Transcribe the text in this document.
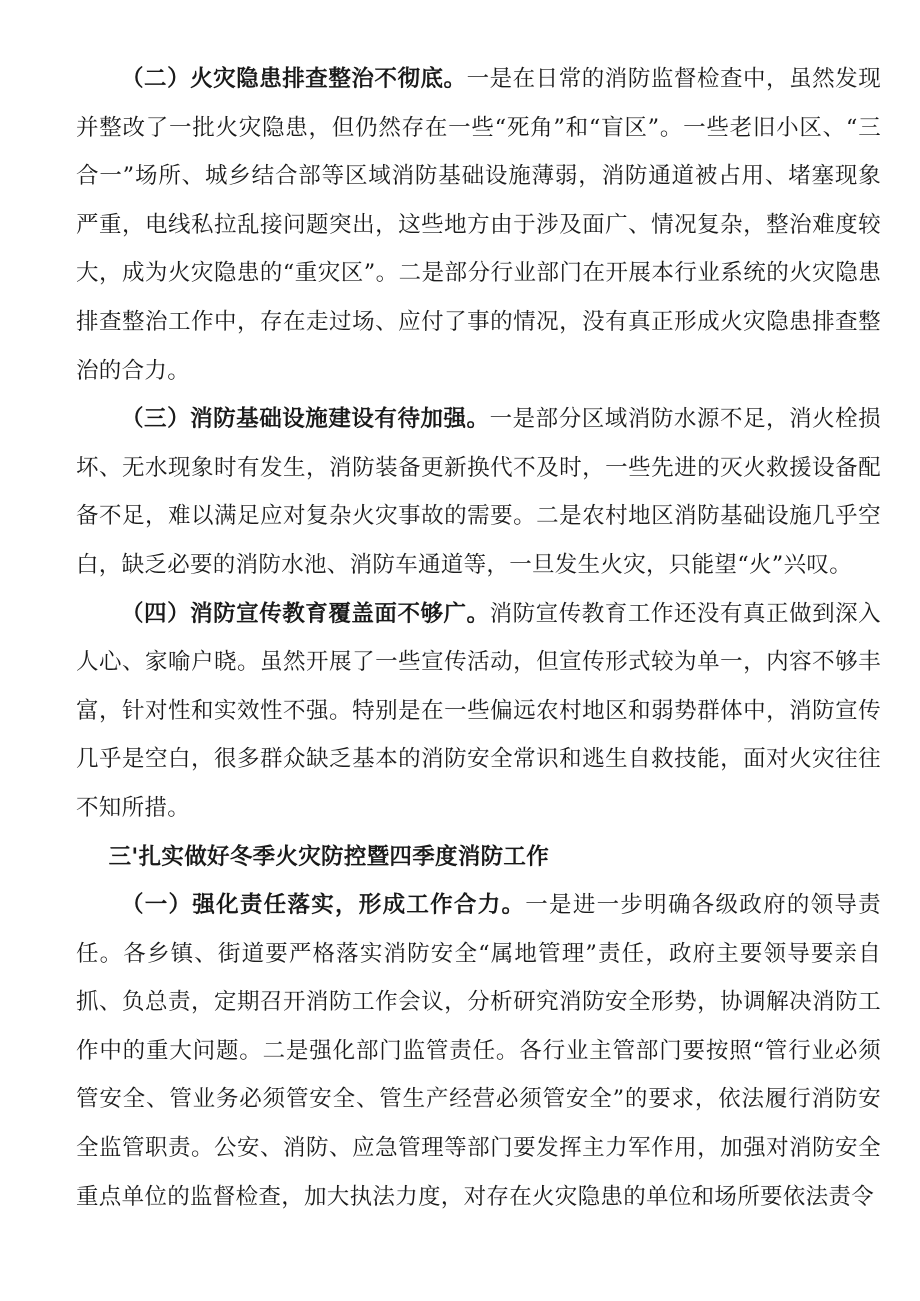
（二）火灾隐患排查整治不彻底。一是在日常的消防监督检查中，虽然发现并整改了一批火灾隐患，但仍然存在一些“死角”和“盲区”。一些老旧小区、“三合一”场所、城乡结合部等区域消防基础设施薄弱，消防通道被占用、堵塞现象严重，电线私拉乱接问题突出，这些地方由于涉及面广、情况复杂，整治难度较大，成为火灾隐患的“重灾区”。二是部分行业部门在开展本行业系统的火灾隐患排查整治工作中，存在走过场、应付了事的情况，没有真正形成火灾隐患排查整治的合力。

（三）消防基础设施建设有待加强。一是部分区域消防水源不足，消火栓损坏、无水现象时有发生，消防装备更新换代不及时，一些先进的灭火救援设备配备不足，难以满足应对复杂火灾事故的需要。二是农村地区消防基础设施几乎空白，缺乏必要的消防水池、消防车通道等，一旦发生火灾，只能望“火”兴叹。

（四）消防宣传教育覆盖面不够广。消防宣传教育工作还没有真正做到深入人心、家喻户晓。虽然开展了一些宣传活动，但宣传形式较为单一，内容不够丰富，针对性和实效性不强。特别是在一些偏远农村地区和弱势群体中，消防宣传几乎是空白，很多群众缺乏基本的消防安全常识和逃生自救技能，面对火灾往往不知所措。

三'扎实做好冬季火灾防控暨四季度消防工作

（一）强化责任落实，形成工作合力。一是进一步明确各级政府的领导责任。各乡镇、街道要严格落实消防安全“属地管理”责任，政府主要领导要亲自抓、负总责，定期召开消防工作会议，分析研究消防安全形势，协调解决消防工作中的重大问题。二是强化部门监管责任。各行业主管部门要按照“管行业必须管安全、管业务必须管安全、管生产经营必须管安全”的要求，依法履行消防安全监管职责。公安、消防、应急管理等部门要发挥主力军作用，加强对消防安全重点单位的监督检查，加大执法力度，对存在火灾隐患的单位和场所要依法责令
